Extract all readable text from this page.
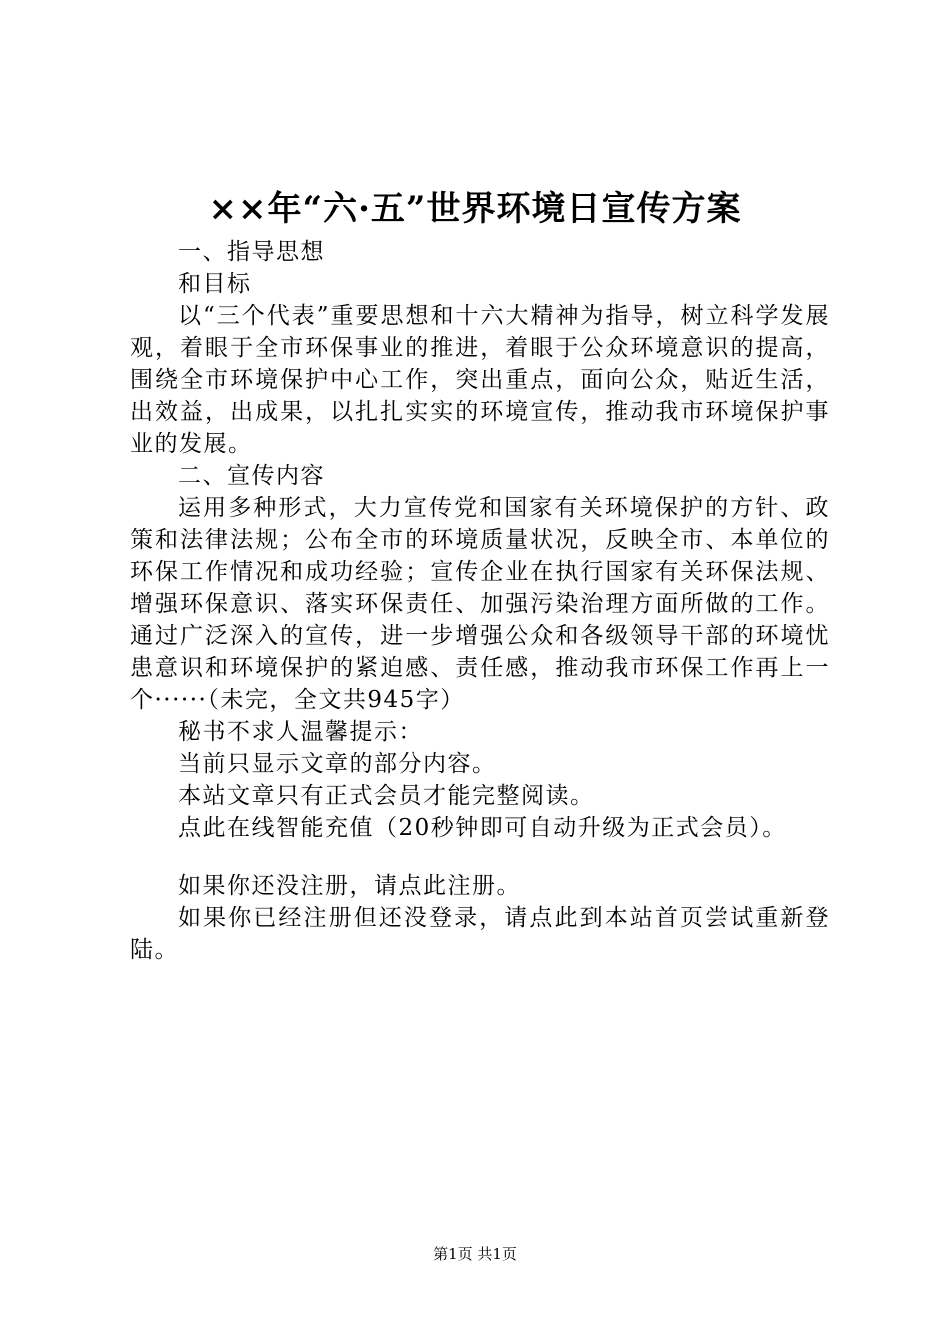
××年“六·五”世界环境日宣传方案

一、指导思想

和目标

以“三个代表”重要思想和十六大精神为指导，树立科学发展观，着眼于全市环保事业的推进，着眼于公众环境意识的提高，围绕全市环境保护中心工作，突出重点，面向公众，贴近生活，出效益，出成果，以扎扎实实的环境宣传，推动我市环境保护事业的发展。

二、宣传内容

运用多种形式，大力宣传党和国家有关环境保护的方针、政策和法律法规；公布全市的环境质量状况，反映全市、本单位的环保工作情况和成功经验；宣传企业在执行国家有关环保法规、增强环保意识、落实环保责任、加强污染治理方面所做的工作。通过广泛深入的宣传，进一步增强公众和各级领导干部的环境忧患意识和环境保护的紧迫感、责任感，推动我市环保工作再上一个······（未完，全文共945字）

秘书不求人温馨提示：

当前只显示文章的部分内容。

本站文章只有正式会员才能完整阅读。

点此在线智能充值（20秒钟即可自动升级为正式会员）。

如果你还没注册，请点此注册。

如果你已经注册但还没登录，请点此到本站首页尝试重新登陆。

第1页 共1页
